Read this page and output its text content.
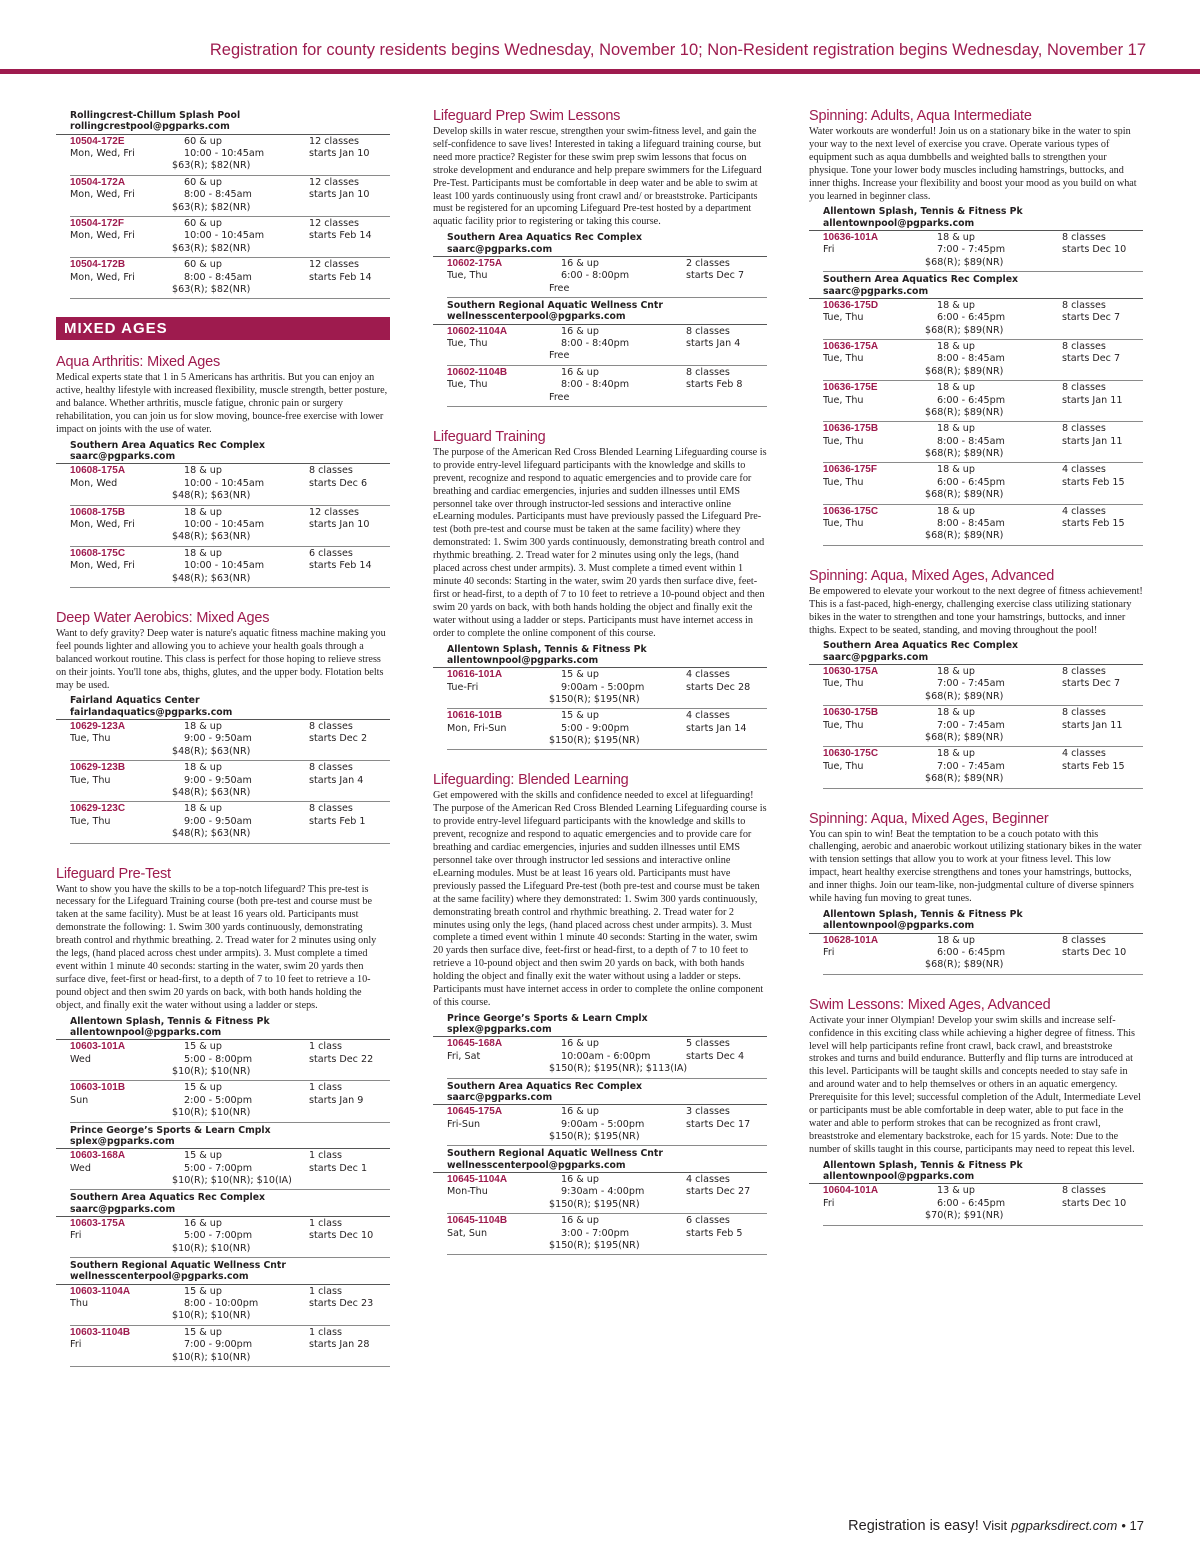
Registration for county residents begins Wednesday, November 10; Non-Resident registration begins Wednesday, November 17
Rollingcrest-Chillum Splash Pool
rollingcrestpool@pgparks.com
10504-172E	60 & up	12 classes
Mon, Wed, Fri	10:00 - 10:45am	starts Jan 10
$63(R); $82(NR)
10504-172A	60 & up	12 classes
Mon, Wed, Fri	8:00 - 8:45am	starts Jan 10
$63(R); $82(NR)
10504-172F	60 & up	12 classes
Mon, Wed, Fri	10:00 - 10:45am	starts Feb 14
$63(R); $82(NR)
10504-172B	60 & up	12 classes
Mon, Wed, Fri	8:00 - 8:45am	starts Feb 14
$63(R); $82(NR)
MIXED AGES
Aqua Arthritis: Mixed Ages
Medical experts state that 1 in 5 Americans has arthritis. But you can enjoy an active, healthy lifestyle with increased flexibility, muscle strength, better posture, and balance. Whether arthritis, muscle fatigue, chronic pain or surgery rehabilitation, you can join us for slow moving, bounce-free exercise with lower impact on joints with the use of water.
Southern Area Aquatics Rec Complex
saarc@pgparks.com
10608-175A	18 & up	8 classes
Mon, Wed	10:00 - 10:45am	starts Dec 6
$48(R); $63(NR)
10608-175B	18 & up	12 classes
Mon, Wed, Fri	10:00 - 10:45am	starts Jan 10
$48(R); $63(NR)
10608-175C	18 & up	6 classes
Mon, Wed, Fri	10:00 - 10:45am	starts Feb 14
$48(R); $63(NR)
Deep Water Aerobics: Mixed Ages
Want to defy gravity? Deep water is nature's aquatic fitness machine making you feel pounds lighter and allowing you to achieve your health goals through a balanced workout routine. This class is perfect for those hoping to relieve stress on their joints. You'll tone abs, thighs, glutes, and the upper body. Flotation belts may be used.
Fairland Aquatics Center
fairlandaquatics@pgparks.com
10629-123A	18 & up	8 classes
Tue, Thu	9:00 - 9:50am	starts Dec 2
$48(R); $63(NR)
10629-123B	18 & up	8 classes
Tue, Thu	9:00 - 9:50am	starts Jan 4
$48(R); $63(NR)
10629-123C	18 & up	8 classes
Tue, Thu	9:00 - 9:50am	starts Feb 1
$48(R); $63(NR)
Lifeguard Pre-Test
Want to show you have the skills to be a top-notch lifeguard? This pre-test is necessary for the Lifeguard Training course (both pre-test and course must be taken at the same facility). Must be at least 16 years old. Participants must demonstrate the following: 1. Swim 300 yards continuously, demonstrating breath control and rhythmic breathing. 2. Tread water for 2 minutes using only the legs, (hand placed across chest under armpits). 3. Must complete a timed event within 1 minute 40 seconds: starting in the water, swim 20 yards then surface dive, feet-first or head-first, to a depth of 7 to 10 feet to retrieve a 10-pound object and then swim 20 yards on back, with both hands holding the object, and finally exit the water without using a ladder or steps.
Allentown Splash, Tennis & Fitness Pk
allentownpool@pgparks.com
10603-101A	15 & up	1 class
Wed	5:00 - 8:00pm	starts Dec 22
$10(R); $10(NR)
10603-101B	15 & up	1 class
Sun	2:00 - 5:00pm	starts Jan 9
$10(R); $10(NR)
Prince George’s Sports & Learn Cmplx
splex@pgparks.com
10603-168A	15 & up	1 class
Wed	5:00 - 7:00pm	starts Dec 1
$10(R); $10(NR); $10(IA)
Southern Area Aquatics Rec Complex
saarc@pgparks.com
10603-175A	16 & up	1 class
Fri	5:00 - 7:00pm	starts Dec 10
$10(R); $10(NR)
Southern Regional Aquatic Wellness Cntr
wellnesscenterpool@pgparks.com
10603-1104A	15 & up	1 class
Thu	8:00 - 10:00pm	starts Dec 23
$10(R); $10(NR)
10603-1104B	15 & up	1 class
Fri	7:00 - 9:00pm	starts Jan 28
$10(R); $10(NR)
Lifeguard Prep Swim Lessons
Develop skills in water rescue, strengthen your swim-fitness level, and gain the self-confidence to save lives! Interested in taking a lifeguard training course, but need more practice? Register for these swim prep swim lessons that focus on stroke development and endurance and help prepare swimmers for the Lifeguard Pre-Test. Participants must be comfortable in deep water and be able to swim at least 100 yards continuously using front crawl and/ or breaststroke. Participants must be registered for an upcoming Lifeguard Pre-test hosted by a department aquatic facility prior to registering or taking this course.
Southern Area Aquatics Rec Complex
saarc@pgparks.com
10602-175A	16 & up	2 classes
Tue, Thu	6:00 - 8:00pm	starts Dec 7
Free
Southern Regional Aquatic Wellness Cntr
wellnesscenterpool@pgparks.com
10602-1104A	16 & up	8 classes
Tue, Thu	8:00 - 8:40pm	starts Jan 4
Free
10602-1104B	16 & up	8 classes
Tue, Thu	8:00 - 8:40pm	starts Feb 8
Free
Lifeguard Training
The purpose of the American Red Cross Blended Learning Lifeguarding course is to provide entry-level lifeguard participants with the knowledge and skills to prevent, recognize and respond to aquatic emergencies and to provide care for breathing and cardiac emergencies, injuries and sudden illnesses until EMS personnel take over through instructor-led sessions and interactive online eLearning modules. Participants must have previously passed the Lifeguard Pre-test (both pre-test and course must be taken at the same facility) where they demonstrated: 1. Swim 300 yards continuously, demonstrating breath control and rhythmic breathing. 2. Tread water for 2 minutes using only the legs, (hand placed across chest under armpits). 3. Must complete a timed event within 1 minute 40 seconds: Starting in the water, swim 20 yards then surface dive, feet-first or head-first, to a depth of 7 to 10 feet to retrieve a 10-pound object and then swim 20 yards on back, with both hands holding the object and finally exit the water without using a ladder or steps. Participants must have internet access in order to complete the online component of this course.
Allentown Splash, Tennis & Fitness Pk
allentownpool@pgparks.com
10616-101A	15 & up	4 classes
Tue-Fri	9:00am - 5:00pm	starts Dec 28
$150(R); $195(NR)
10616-101B	15 & up	4 classes
Mon, Fri-Sun	5:00 - 9:00pm	starts Jan 14
$150(R); $195(NR)
Lifeguarding: Blended Learning
Get empowered with the skills and confidence needed to excel at lifeguarding! The purpose of the American Red Cross Blended Learning Lifeguarding course is to provide entry-level lifeguard participants with the knowledge and skills to prevent, recognize and respond to aquatic emergencies and to provide care for breathing and cardiac emergencies, injuries and sudden illnesses until EMS personnel take over through instructor led sessions and interactive online eLearning modules. Must be at least 16 years old. Participants must have previously passed the Lifeguard Pre-test (both pre-test and course must be taken at the same facility) where they demonstrated: 1. Swim 300 yards continuously, demonstrating breath control and rhythmic breathing. 2. Tread water for 2 minutes using only the legs, (hand placed across chest under armpits). 3. Must complete a timed event within 1 minute 40 seconds: Starting in the water, swim 20 yards then surface dive, feet-first or head-first, to a depth of 7 to 10 feet to retrieve a 10-pound object and then swim 20 yards on back, with both hands holding the object and finally exit the water without using a ladder or steps. Participants must have internet access in order to complete the online component of this course.
Prince George’s Sports & Learn Cmplx
splex@pgparks.com
10645-168A	16 & up	5 classes
Fri, Sat	10:00am - 6:00pm	starts Dec 4
$150(R); $195(NR); $113(IA)
Southern Area Aquatics Rec Complex
saarc@pgparks.com
10645-175A	16 & up	3 classes
Fri-Sun	9:00am - 5:00pm	starts Dec 17
$150(R); $195(NR)
Southern Regional Aquatic Wellness Cntr
wellnesscenterpool@pgparks.com
10645-1104A	16 & up	4 classes
Mon-Thu	9:30am - 4:00pm	starts Dec 27
$150(R); $195(NR)
10645-1104B	16 & up	6 classes
Sat, Sun	3:00 - 7:00pm	starts Feb 5
$150(R); $195(NR)
Spinning: Adults, Aqua Intermediate
Water workouts are wonderful! Join us on a stationary bike in the water to spin your way to the next level of exercise you crave. Operate various types of equipment such as aqua dumbbells and weighted balls to strengthen your physique. Tone your lower body muscles including hamstrings, buttocks, and inner thighs. Increase your flexibility and boost your mood as you build on what you learned in beginner class.
Allentown Splash, Tennis & Fitness Pk
allentownpool@pgparks.com
10636-101A	18 & up	8 classes
Fri	7:00 - 7:45pm	starts Dec 10
$68(R); $89(NR)
Southern Area Aquatics Rec Complex
saarc@pgparks.com
10636-175D	18 & up	8 classes
Tue, Thu	6:00 - 6:45pm	starts Dec 7
$68(R); $89(NR)
10636-175A	18 & up	8 classes
Tue, Thu	8:00 - 8:45am	starts Dec 7
$68(R); $89(NR)
10636-175E	18 & up	8 classes
Tue, Thu	6:00 - 6:45pm	starts Jan 11
$68(R); $89(NR)
10636-175B	18 & up	8 classes
Tue, Thu	8:00 - 8:45am	starts Jan 11
$68(R); $89(NR)
10636-175F	18 & up	4 classes
Tue, Thu	6:00 - 6:45pm	starts Feb 15
$68(R); $89(NR)
10636-175C	18 & up	4 classes
Tue, Thu	8:00 - 8:45am	starts Feb 15
$68(R); $89(NR)
Spinning: Aqua, Mixed Ages, Advanced
Be empowered to elevate your workout to the next degree of fitness achievement! This is a fast-paced, high-energy, challenging exercise class utilizing stationary bikes in the water to strengthen and tone your hamstrings, buttocks, and inner thighs. Expect to be seated, standing, and moving throughout the pool!
Southern Area Aquatics Rec Complex
saarc@pgparks.com
10630-175A	18 & up	8 classes
Tue, Thu	7:00 - 7:45am	starts Dec 7
$68(R); $89(NR)
10630-175B	18 & up	8 classes
Tue, Thu	7:00 - 7:45am	starts Jan 11
$68(R); $89(NR)
10630-175C	18 & up	4 classes
Tue, Thu	7:00 - 7:45am	starts Feb 15
$68(R); $89(NR)
Spinning: Aqua, Mixed Ages, Beginner
You can spin to win! Beat the temptation to be a couch potato with this challenging, aerobic and anaerobic workout utilizing stationary bikes in the water with tension settings that allow you to work at your fitness level. This low impact, heart healthy exercise strengthens and tones your hamstrings, buttocks, and inner thighs. Join our team-like, non-judgmental culture of diverse spinners while having fun moving to great tunes.
Allentown Splash, Tennis & Fitness Pk
allentownpool@pgparks.com
10628-101A	18 & up	8 classes
Fri	6:00 - 6:45pm	starts Dec 10
$68(R); $89(NR)
Swim Lessons: Mixed Ages, Advanced
Activate your inner Olympian! Develop your swim skills and increase self-confidence in this exciting class while achieving a higher degree of fitness. This level will help participants refine front crawl, back crawl, and breaststroke strokes and turns and build endurance. Butterfly and flip turns are introduced at this level. Participants will be taught skills and concepts needed to stay safe in and around water and to help themselves or others in an aquatic emergency. Prerequisite for this level; successful completion of the Adult, Intermediate Level or participants must be able comfortable in deep water, able to put face in the water and able to perform strokes that can be recognized as front crawl, breaststroke and elementary backstroke, each for 15 yards. Note: Due to the number of skills taught in this course, participants may need to repeat this level.
Allentown Splash, Tennis & Fitness Pk
allentownpool@pgparks.com
10604-101A	13 & up	8 classes
Fri	6:00 - 6:45pm	starts Dec 10
$70(R); $91(NR)
Registration is easy! Visit pgparksdirect.com • 17
